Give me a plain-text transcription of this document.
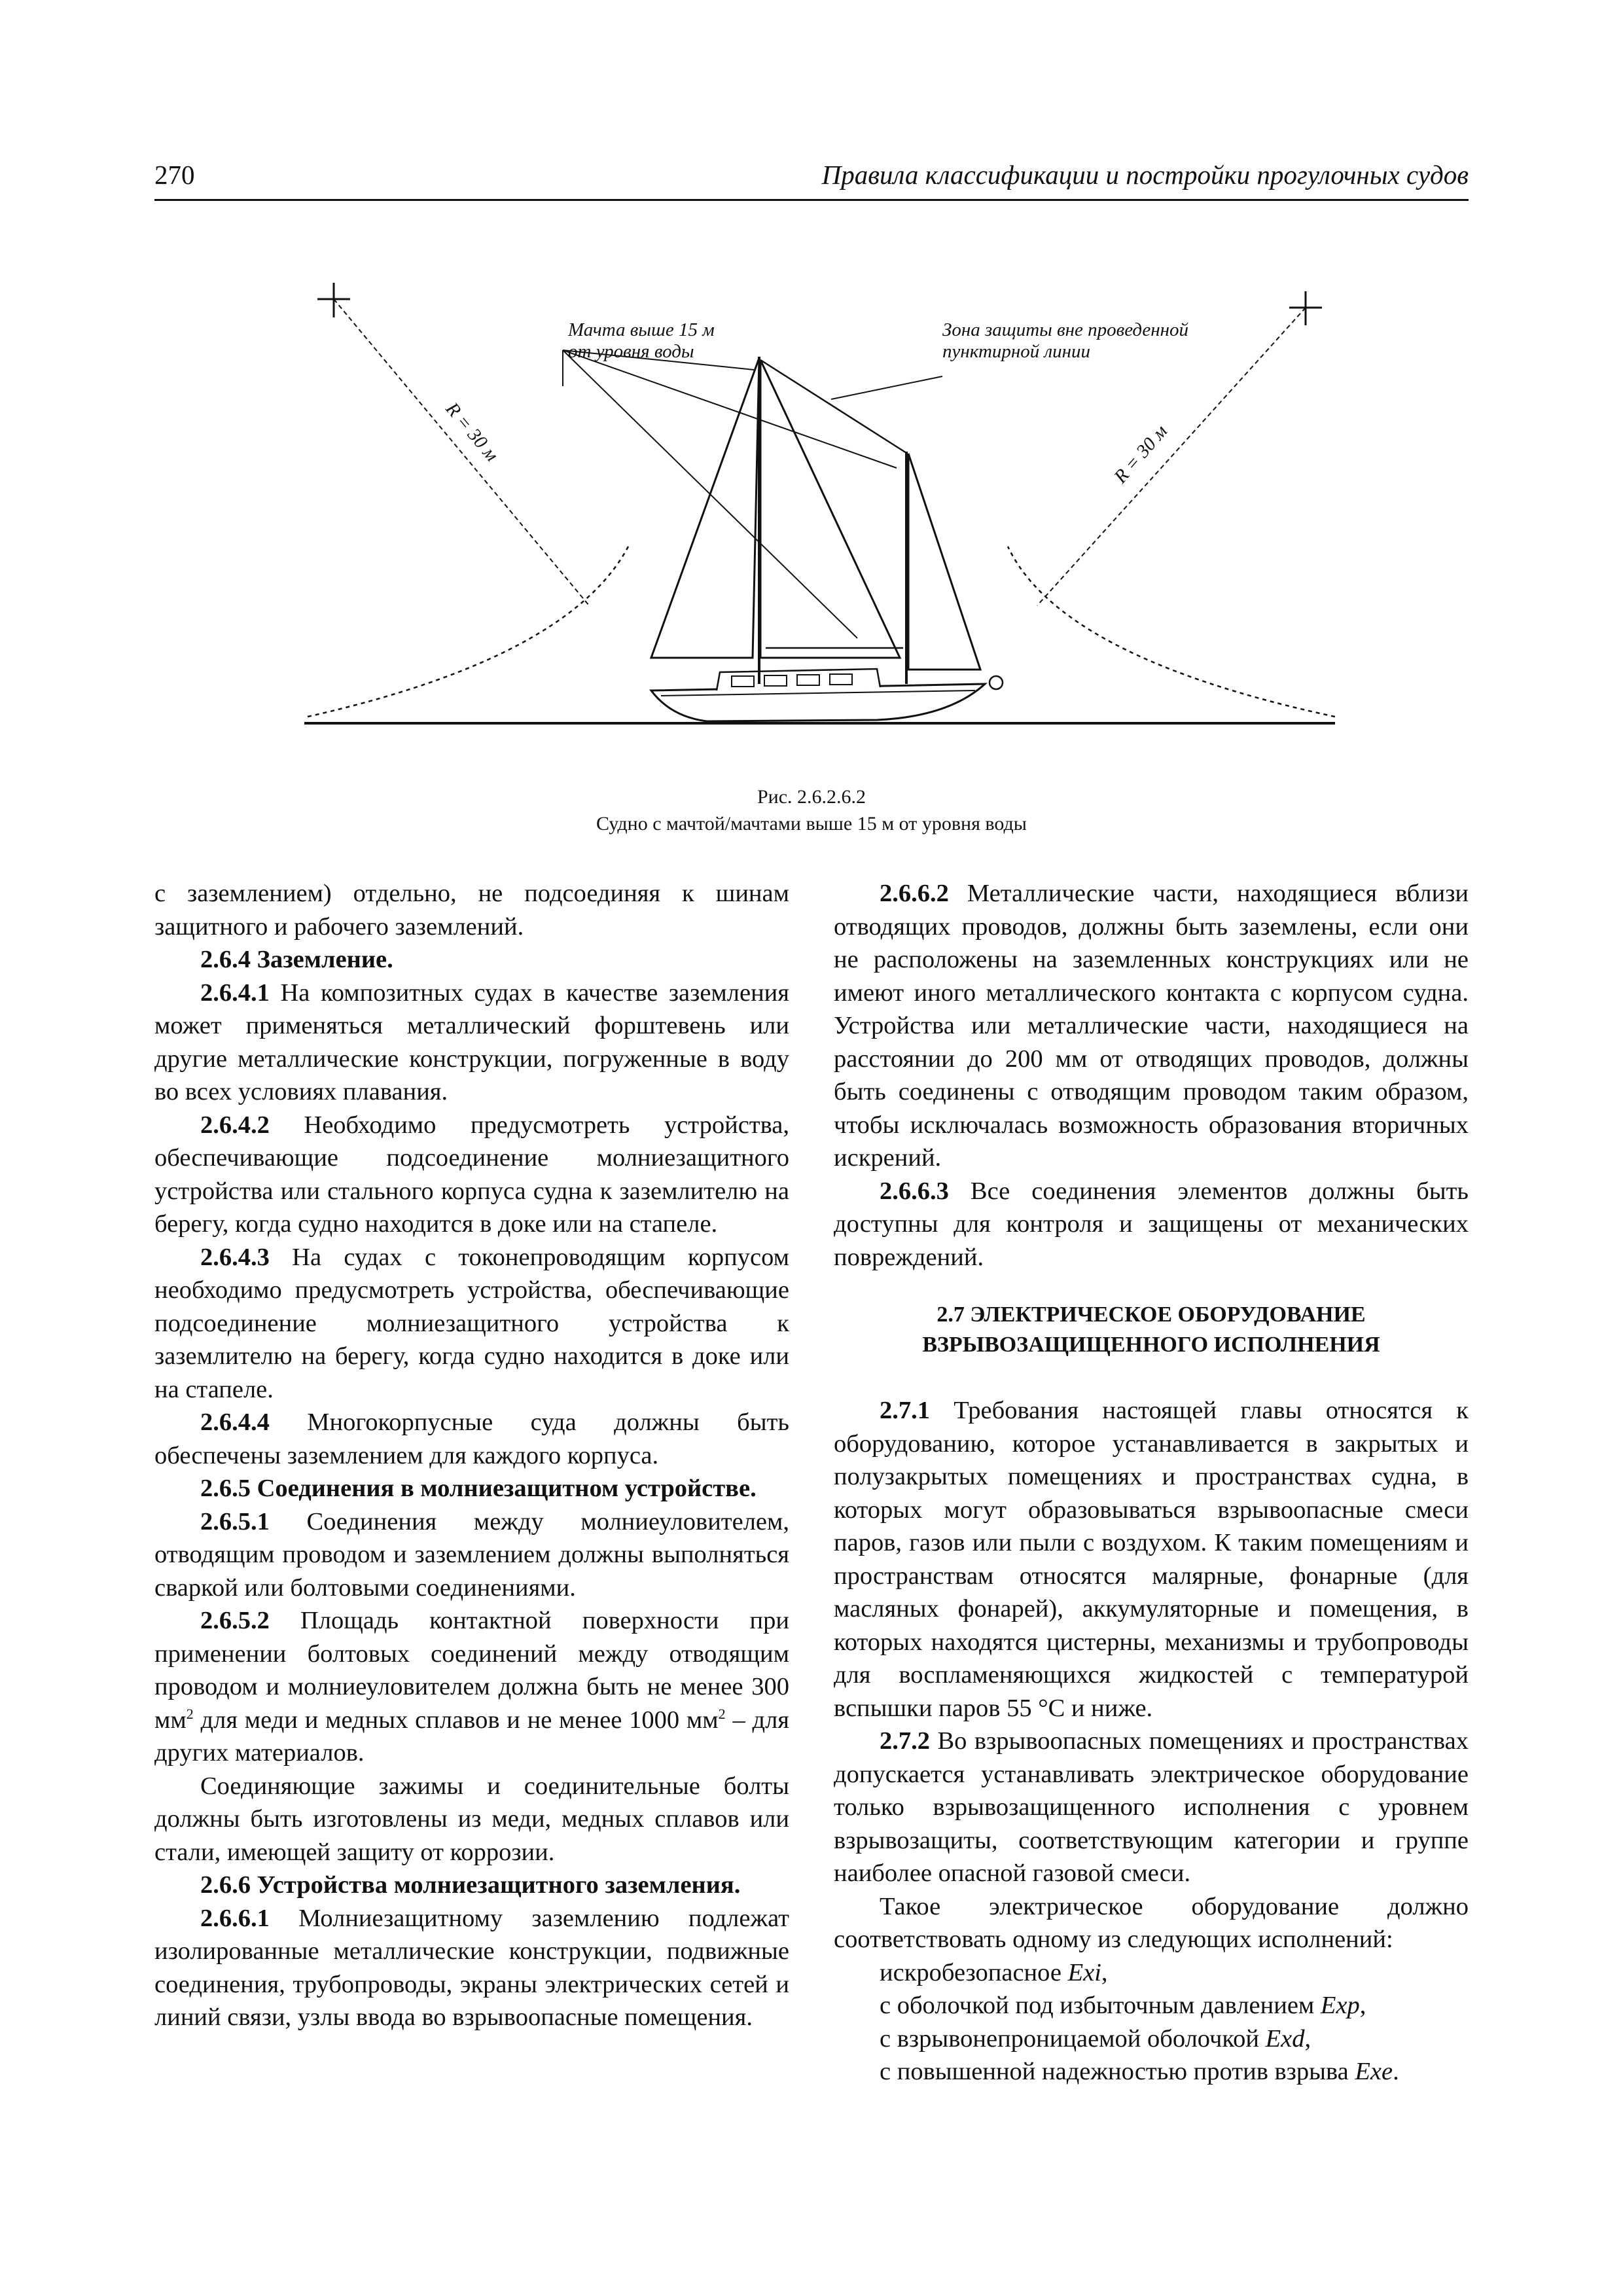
270	Правила классификации и постройки прогулочных судов
Мачта выше 15 м
от уровня воды
Зона защиты вне проведенной
пунктирной линии
R = 30 м	R = 30 м
Рис. 2.6.2.6.2
Судно с мачтой/мачтами выше 15 м от уровня воды

с заземлением) отдельно, не подсоединяя к шинам защитного и рабочего заземлений.

2.6.4 Заземление.

2.6.4.1 На композитных судах в качестве заземления может применяться металлический форштевень или другие металлические конструкции, погруженные в воду во всех условиях плавания.

2.6.4.2 Необходимо предусмотреть устройства, обеспечивающие подсоединение молниезащитного устройства или стального корпуса судна к заземлителю на берегу, когда судно находится в доке или на стапеле.

2.6.4.3 На судах с токонепроводящим корпусом необходимо предусмотреть устройства, обеспечивающие подсоединение молниезащитного устройства к заземлителю на берегу, когда судно находится в доке или на стапеле.

2.6.4.4 Многокорпусные суда должны быть обеспечены заземлением для каждого корпуса.

2.6.5 Соединения в молниезащитном устройстве.

2.6.5.1 Соединения между молниеуловителем, отводящим проводом и заземлением должны выполняться сваркой или болтовыми соединениями.

2.6.5.2 Площадь контактной поверхности при применении болтовых соединений между отводящим проводом и молниеуловителем должна быть не менее 300 $мм^2$ для меди и медных сплавов и не менее 1000 $мм^2$ – для других материалов.

Соединяющие зажимы и соединительные болты должны быть изготовлены из меди, медных сплавов или стали, имеющей защиту от коррозии.

2.6.6 Устройства молниезащитного заземления.

2.6.6.1 Молниезащитному заземлению подлежат изолированные металлические конструкции, подвижные соединения, трубопроводы, экраны электрических сетей и линий связи, узлы ввода во взрывоопасные помещения.

2.6.6.2 Металлические части, находящиеся вблизи отводящих проводов, должны быть заземлены, если они не расположены на заземленных конструкциях или не имеют иного металлического контакта с корпусом судна. Устройства или металлические части, находящиеся на расстоянии до 200 мм от отводящих проводов, должны быть соединены с отводящим проводом таким образом, чтобы исключалась возможность образования вторичных искрений.

2.6.6.3 Все соединения элементов должны быть доступны для контроля и защищены от механических повреждений.

2.7 ЭЛЕКТРИЧЕСКОЕ ОБОРУДОВАНИЕ
ВЗРЫВОЗАЩИЩЕННОГО ИСПОЛНЕНИЯ

2.7.1 Требования настоящей главы относятся к оборудованию, которое устанавливается в закрытых и полузакрытых помещениях и пространствах судна, в которых могут образовываться взрывоопасные смеси паров, газов или пыли с воздухом. К таким помещениям и пространствам относятся малярные, фонарные (для масляных фонарей), аккумуляторные и помещения, в которых находятся цистерны, механизмы и трубопроводы для воспламеняющихся жидкостей с температурой вспышки паров 55 °С и ниже.

2.7.2 Во взрывоопасных помещениях и пространствах допускается устанавливать электрическое оборудование только взрывозащищенного исполнения с уровнем взрывозащиты, соответствующим категории и группе наиболее опасной газовой смеси.

Такое электрическое оборудование должно соответствовать одному из следующих исполнений:

искробезопасное Exi,

с оболочкой под избыточным давлением Exp,

с взрывонепроницаемой оболочкой Exd,

с повышенной надежностью против взрыва Exe.
